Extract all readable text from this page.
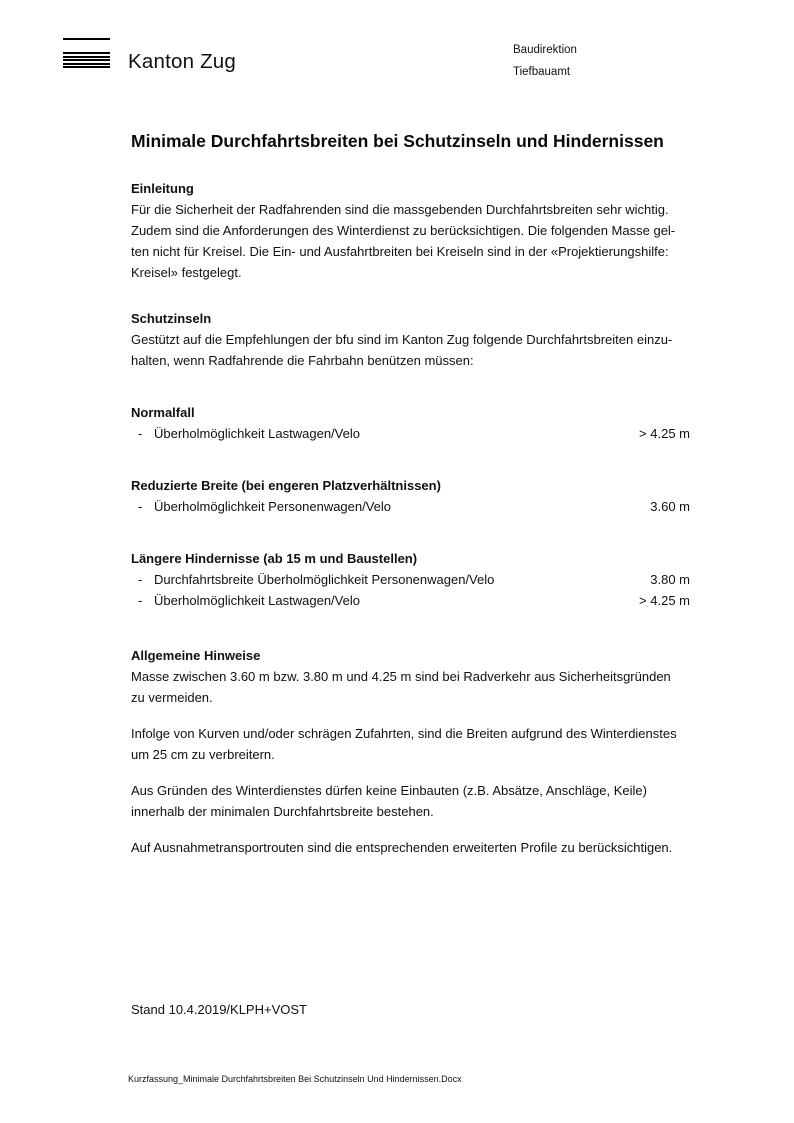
Kanton Zug	Baudirektion
Tiefbauamt
Minimale Durchfahrtsbreiten bei Schutzinseln und Hindernissen
Einleitung
Für die Sicherheit der Radfahrenden sind die massgebenden Durchfahrtsbreiten sehr wichtig.
Zudem sind die Anforderungen des Winterdienst zu berücksichtigen. Die folgenden Masse gel-
ten nicht für Kreisel. Die Ein- und Ausfahrtbreiten bei Kreiseln sind in der «Projektierungshilfe:
Kreisel» festgelegt.
Schutzinseln
Gestützt auf die Empfehlungen der bfu sind im Kanton Zug folgende Durchfahrtsbreiten einzu-
halten, wenn Radfahrende die Fahrbahn benützen müssen:
Normalfall
- Überholmöglichkeit Lastwagen/Velo	> 4.25 m
Reduzierte Breite (bei engeren Platzverhältnissen)
- Überholmöglichkeit Personenwagen/Velo	3.60 m
Längere Hindernisse (ab 15 m und Baustellen)
- Durchfahrtsbreite Überholmöglichkeit Personenwagen/Velo	3.80 m
- Überholmöglichkeit Lastwagen/Velo	> 4.25 m
Allgemeine Hinweise
Masse zwischen 3.60 m bzw. 3.80 m und 4.25 m sind bei Radverkehr aus Sicherheitsgründen
zu vermeiden.
Infolge von Kurven und/oder schrägen Zufahrten, sind die Breiten aufgrund des Winterdienstes
um 25 cm zu verbreitern.
Aus Gründen des Winterdienstes dürfen keine Einbauten (z.B. Absätze, Anschläge, Keile)
innerhalb der minimalen Durchfahrtsbreite bestehen.
Auf Ausnahmetransportrouten sind die entsprechenden erweiterten Profile zu berücksichtigen.
Stand 10.4.2019/KLPH+VOST
Kurzfassung_Minimale Durchfahrtsbreiten Bei Schutzinseln Und Hindernissen.Docx
